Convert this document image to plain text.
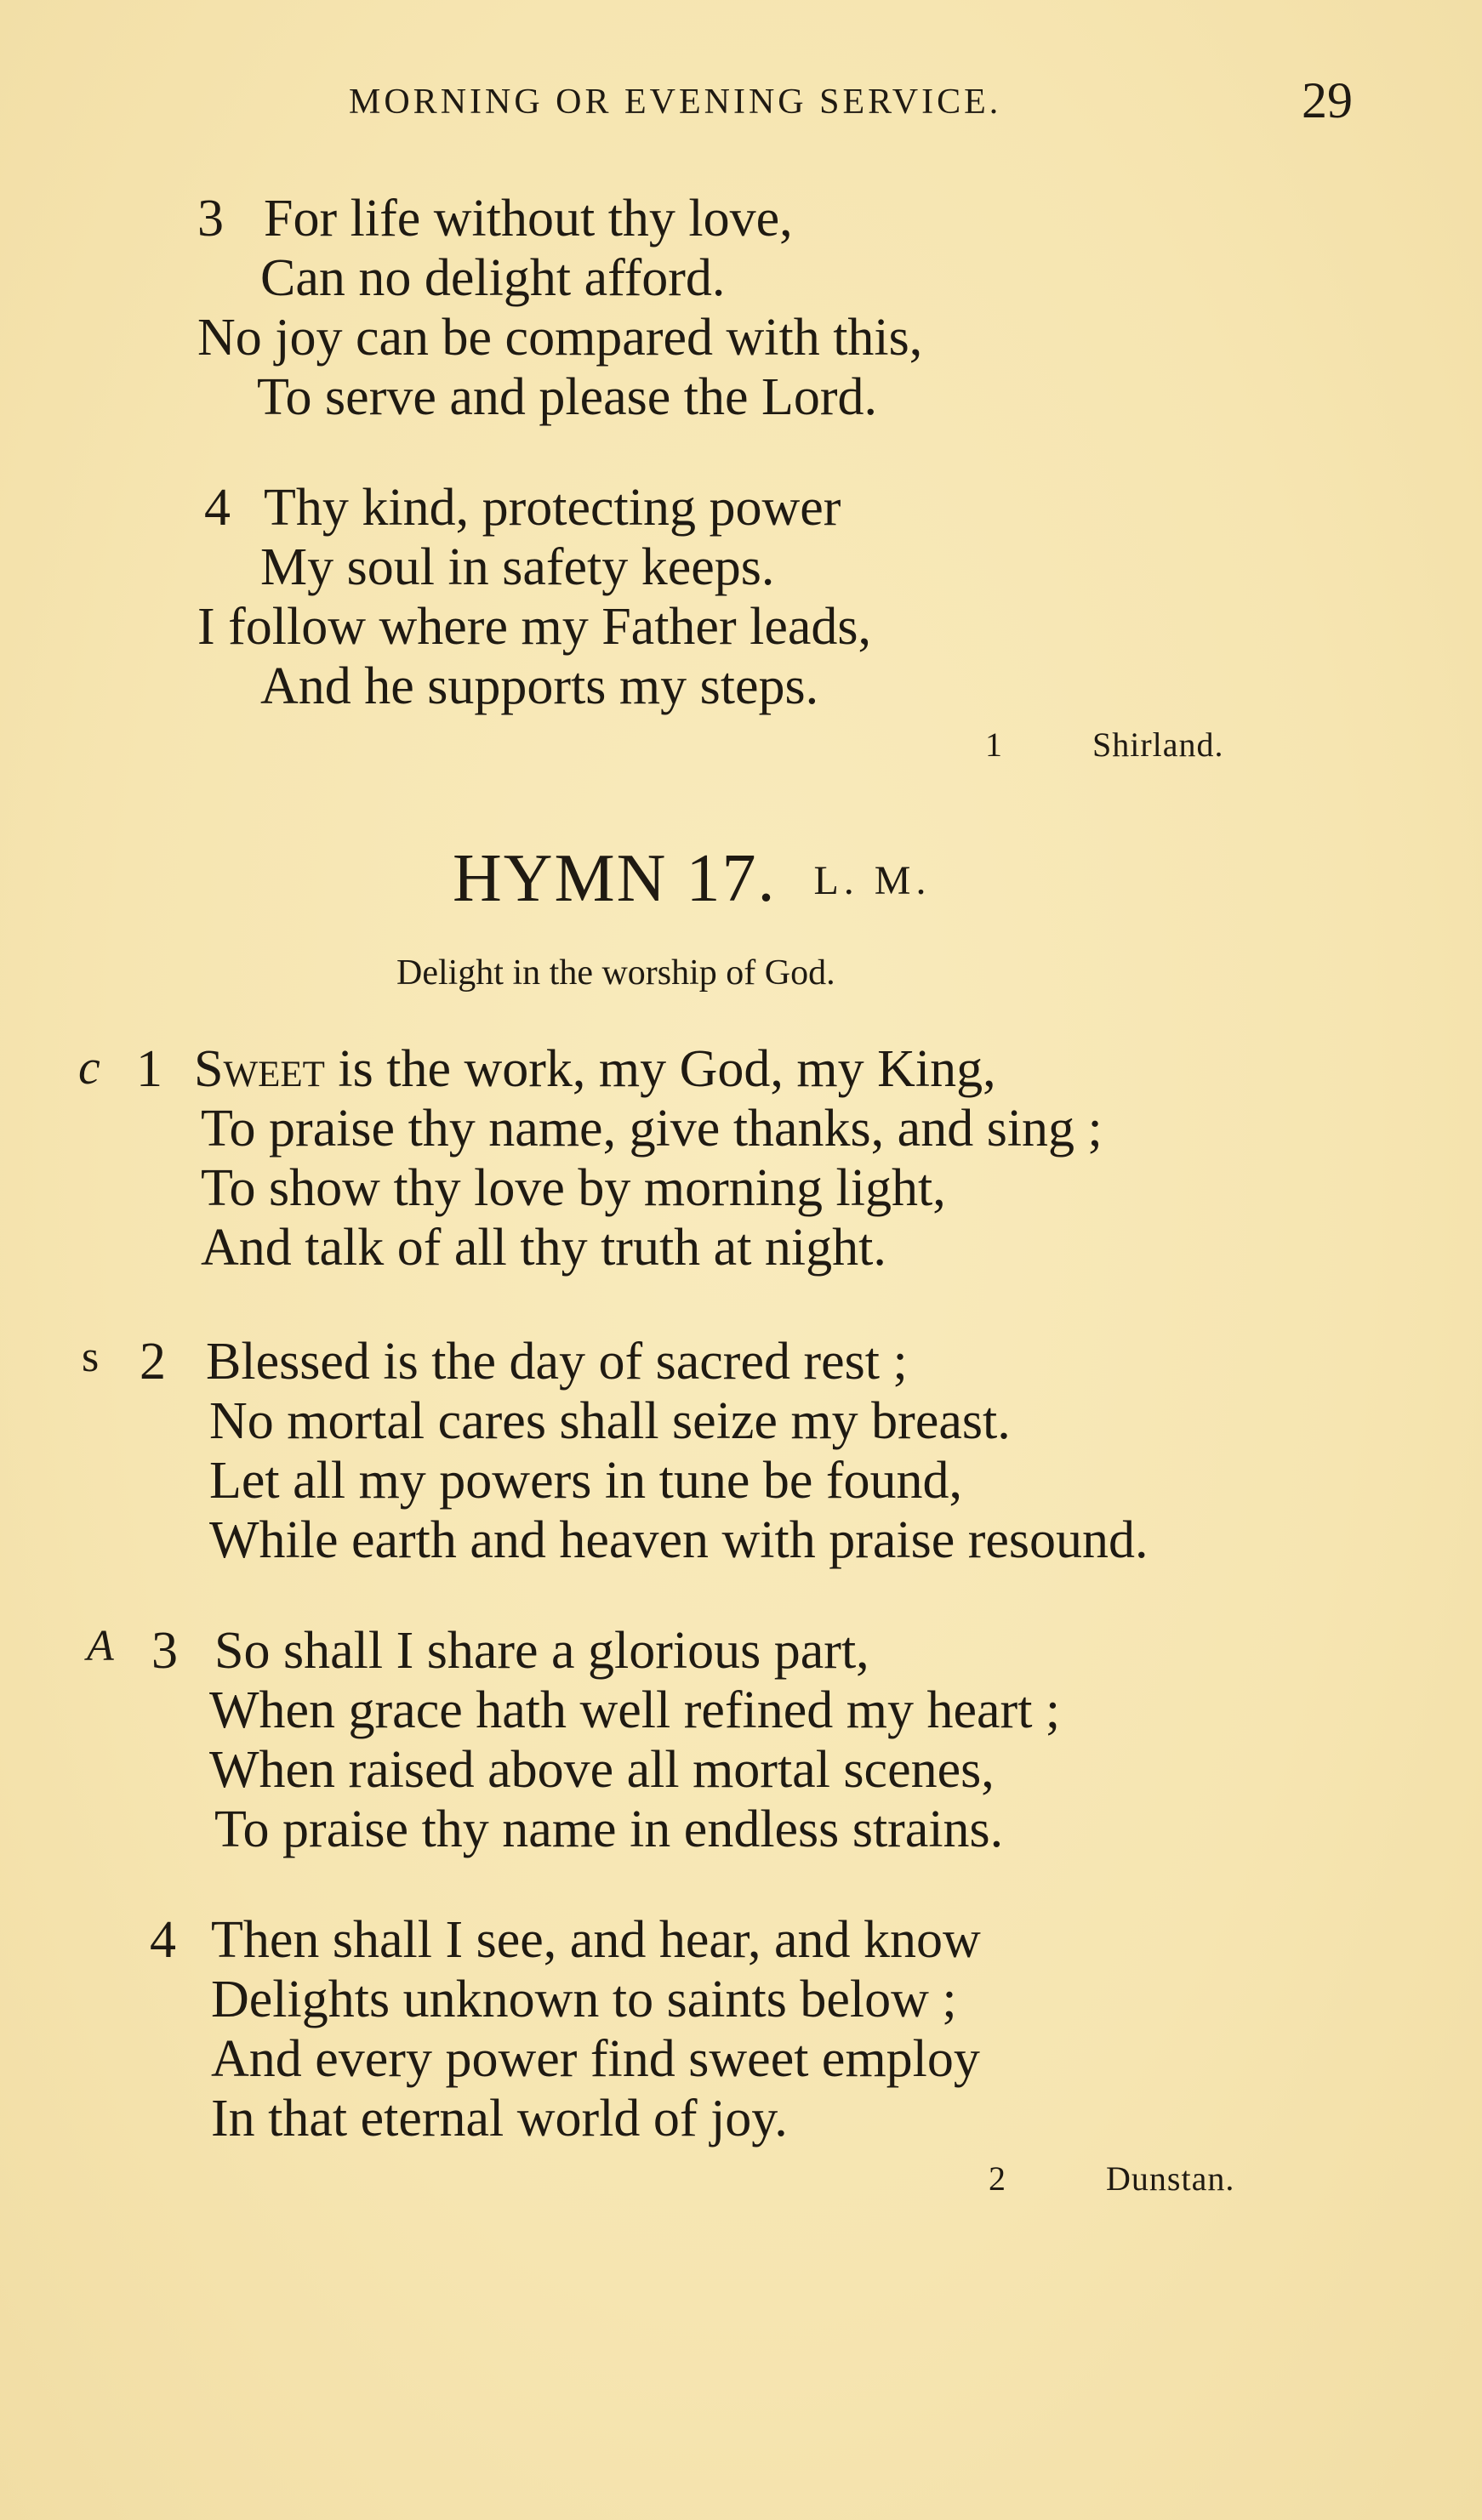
MORNING OR EVENING SERVICE.	29
3 For life without thy love,
Can no delight afford.
No joy can be compared with this,
To serve and please the Lord.
4 Thy kind, protecting power
My soul in safety keeps.
I follow where my Father leads,
And he supports my steps.
1	Shirland.
HYMN 17. L. M.
Delight in the worship of God.
c 1 Sweet is the work, my God, my King,
To praise thy name, give thanks, and sing ;
To show thy love by morning light,
And talk of all thy truth at night.
s 2 Blessed is the day of sacred rest ;
No mortal cares shall seize my breast.
Let all my powers in tune be found,
While earth and heaven with praise resound.
A 3 So shall I share a glorious part,
When grace hath well refined my heart ;
When raised above all mortal scenes,
To praise thy name in endless strains.
4 Then shall I see, and hear, and know
Delights unknown to saints below ;
And every power find sweet employ
In that eternal world of joy.
2	Dunstan.
